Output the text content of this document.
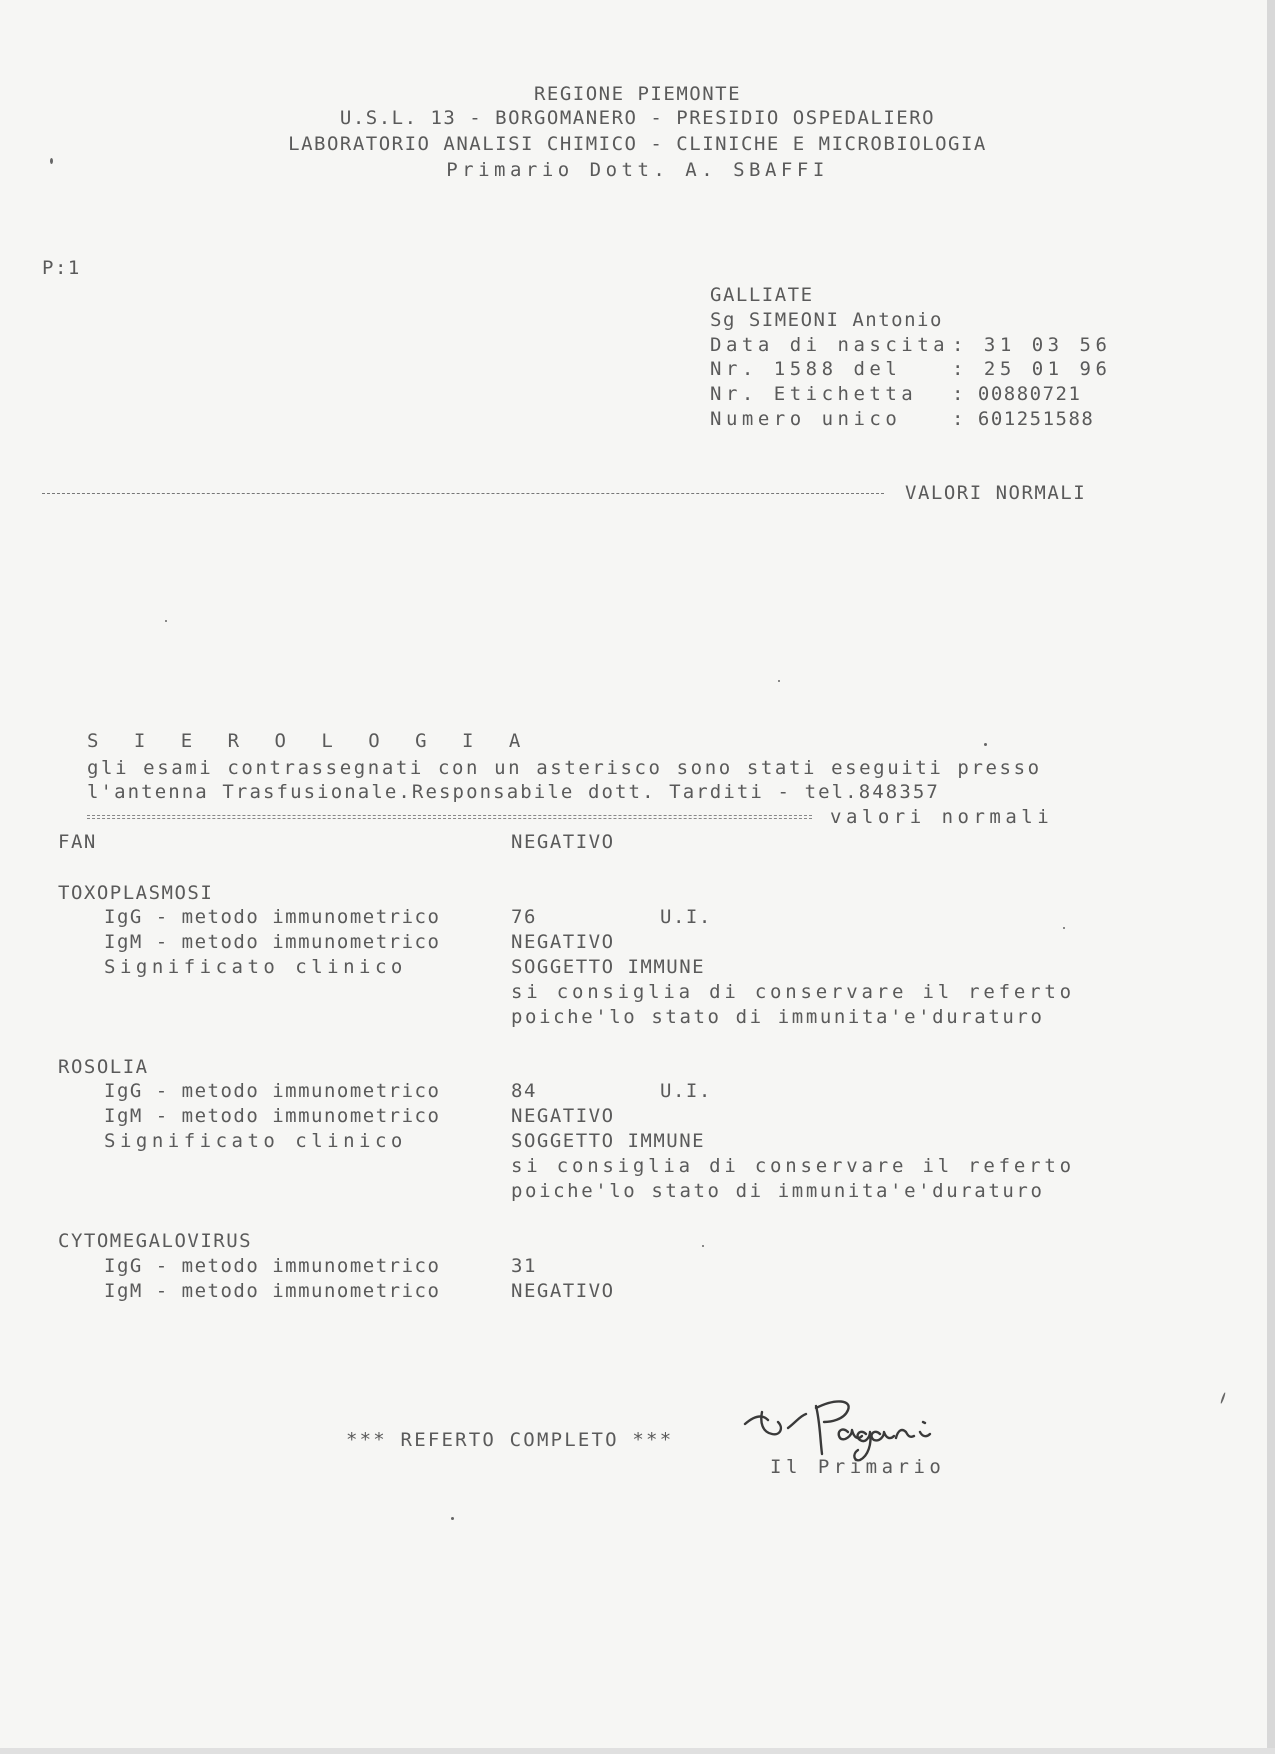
REGIONE PIEMONTE
U.S.L. 13 - BORGOMANERO - PRESIDIO OSPEDALIERO
LABORATORIO ANALISI CHIMICO - CLINICHE E MICROBIOLOGIA
Primario Dott. A. SBAFFI
P:1
GALLIATE
Sg SIMEONI Antonio
Data di nascita : 31 03 56
Nr. 1588 del	: 25 01 96
Nr. Etichetta : 00880721
Numero unico	: 601251588
VALORI NORMALI
S I E R O L O G I A
gli esami contrassegnati con un asterisco sono stati eseguiti presso
l'antenna Trasfusionale.Responsabile dott. Tarditi - tel.848357
valori normali
FAN	NEGATIVO
TOXOPLASMOSI
IgG - metodo immunometrico	76	U.I.
IgM - metodo immunometrico	NEGATIVO
Significato clinico	SOGGETTO IMMUNE
si consiglia di conservare il referto
poiche'lo stato di immunita'e'duraturo
ROSOLIA
IgG - metodo immunometrico	84	U.I.
IgM - metodo immunometrico	NEGATIVO
Significato clinico	SOGGETTO IMMUNE
si consiglia di conservare il referto
poiche'lo stato di immunita'e'duraturo
CYTOMEGALOVIRUS
IgG - metodo immunometrico	31
IgM - metodo immunometrico	NEGATIVO
*** REFERTO COMPLETO ***
Il Primario
